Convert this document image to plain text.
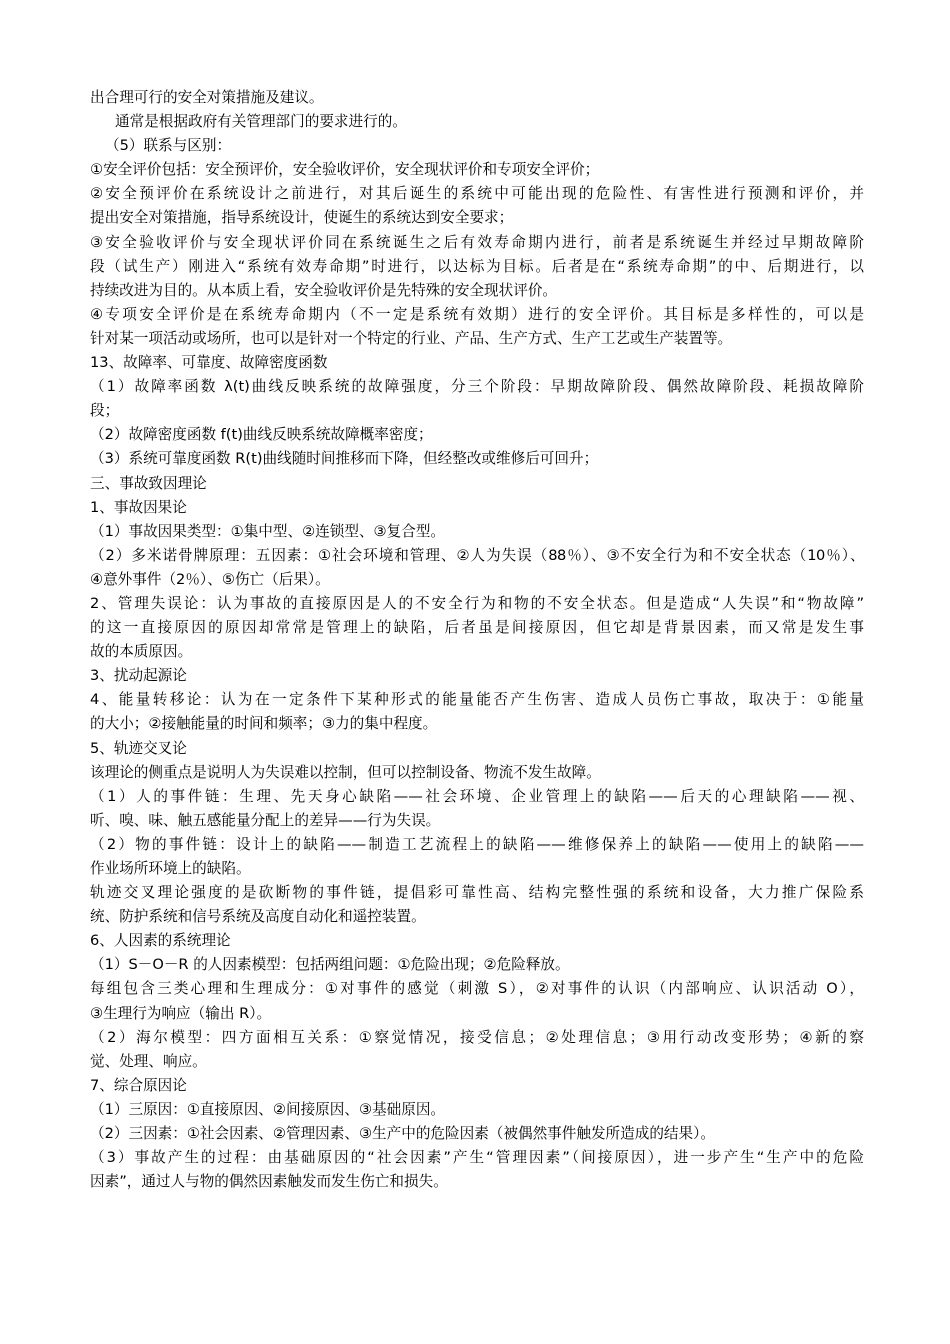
出合理可行的安全对策措施及建议。
通常是根据政府有关管理部门的要求进行的。
（5）联系与区别：
①安全评价包括：安全预评价，安全验收评价，安全现状评价和专项安全评价；
②安全预评价在系统设计之前进行，对其后诞生的系统中可能出现的危险性、有害性进行预测和评价，并
提出安全对策措施，指导系统设计，使诞生的系统达到安全要求；
③安全验收评价与安全现状评价同在系统诞生之后有效寿命期内进行，前者是系统诞生并经过早期故障阶
段（试生产）刚进入“系统有效寿命期”时进行，以达标为目标。后者是在“系统寿命期”的中、后期进行，以
持续改进为目的。从本质上看，安全验收评价是先特殊的安全现状评价。
④专项安全评价是在系统寿命期内（不一定是系统有效期）进行的安全评价。其目标是多样性的，可以是
针对某一项活动或场所，也可以是针对一个特定的行业、产品、生产方式、生产工艺或生产装置等。
13、故障率、可靠度、故障密度函数
（1）故障率函数 λ(t)曲线反映系统的故障强度，分三个阶段：早期故障阶段、偶然故障阶段、耗损故障阶
段；
（2）故障密度函数 f(t)曲线反映系统故障概率密度；
（3）系统可靠度函数 R(t)曲线随时间推移而下降，但经整改或维修后可回升；
三、事故致因理论
1、事故因果论
（1）事故因果类型：①集中型、②连锁型、③复合型。
（2）多米诺骨牌原理：五因素：①社会环境和管理、②人为失误（88％）、③不安全行为和不安全状态（10％）、
④意外事件（2％）、⑤伤亡（后果）。
2、管理失误论：认为事故的直接原因是人的不安全行为和物的不安全状态。但是造成“人失误”和“物故障”
的这一直接原因的原因却常常是管理上的缺陷，后者虽是间接原因，但它却是背景因素，而又常是发生事
故的本质原因。
3、扰动起源论
4、能量转移论：认为在一定条件下某种形式的能量能否产生伤害、造成人员伤亡事故，取决于：①能量
的大小；②接触能量的时间和频率；③力的集中程度。
5、轨迹交叉论
该理论的侧重点是说明人为失误难以控制，但可以控制设备、物流不发生故障。
（1）人的事件链：生理、先天身心缺陷——社会环境、企业管理上的缺陷——后天的心理缺陷——视、
听、嗅、味、触五感能量分配上的差异——行为失误。
（2）物的事件链：设计上的缺陷——制造工艺流程上的缺陷——维修保养上的缺陷——使用上的缺陷——
作业场所环境上的缺陷。
轨迹交叉理论强度的是砍断物的事件链，提倡彩可靠性高、结构完整性强的系统和设备，大力推广保险系
统、防护系统和信号系统及高度自动化和遥控装置。
6、人因素的系统理论
（1）S－O－R 的人因素模型：包括两组问题：①危险出现；②危险释放。
每组包含三类心理和生理成分：①对事件的感觉（刺激 S），②对事件的认识（内部响应、认识活动 O），
③生理行为响应（输出 R）。
（2）海尔模型：四方面相互关系：①察觉情况，接受信息；②处理信息；③用行动改变形势；④新的察
觉、处理、响应。
7、综合原因论
（1）三原因：①直接原因、②间接原因、③基础原因。
（2）三因素：①社会因素、②管理因素、③生产中的危险因素（被偶然事件触发所造成的结果）。
（3）事故产生的过程：由基础原因的“社会因素”产生“管理因素”（间接原因），进一步产生“生产中的危险
因素”，通过人与物的偶然因素触发而发生伤亡和损失。
